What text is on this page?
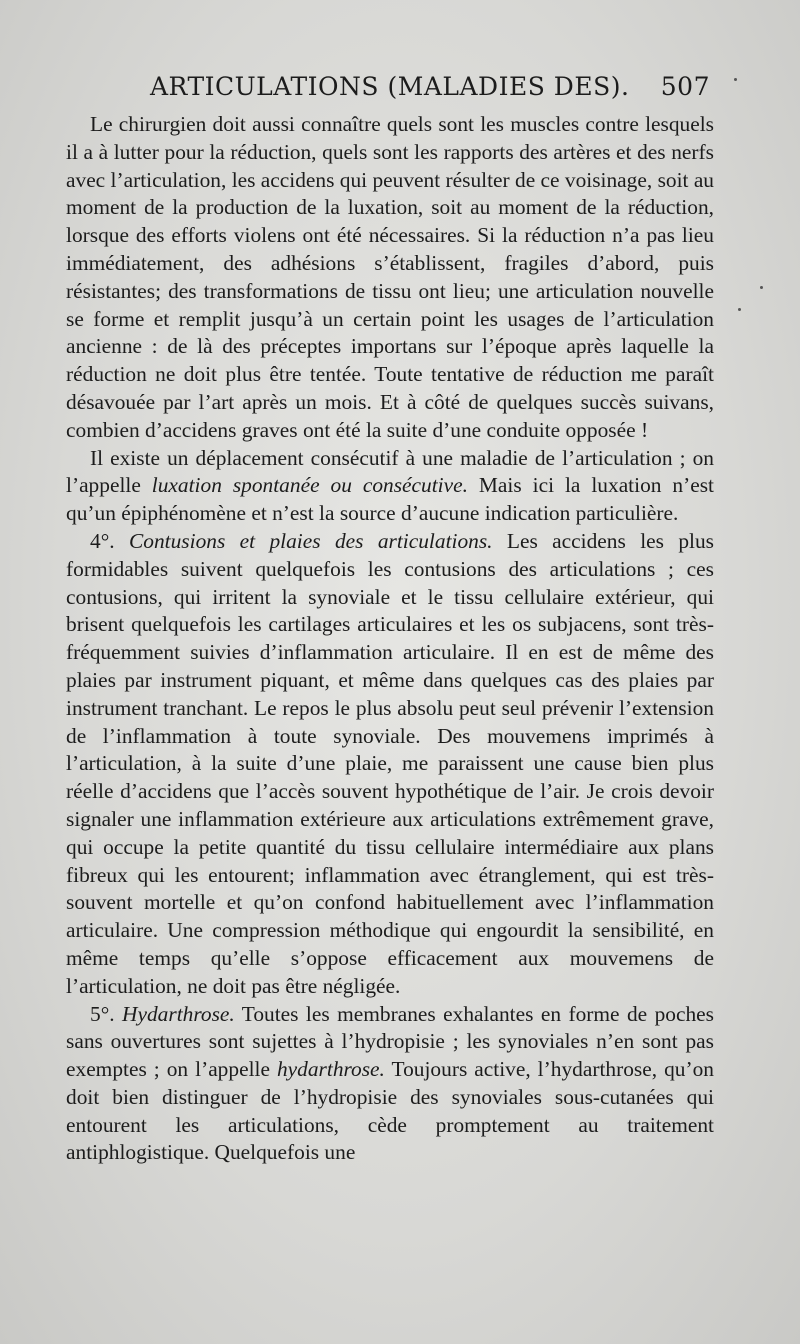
ARTICULATIONS (MALADIES DES). 507

Le chirurgien doit aussi connaître quels sont les muscles contre lesquels il a à lutter pour la réduction, quels sont les rapports des artères et des nerfs avec l’articulation, les accidens qui peuvent résulter de ce voisinage, soit au moment de la production de la luxation, soit au moment de la réduction, lorsque des efforts violens ont été nécessaires. Si la réduction n’a pas lieu immédiatement, des adhésions s’établissent, fragiles d’abord, puis résistantes; des transformations de tissu ont lieu; une articulation nouvelle se forme et remplit jusqu’à un certain point les usages de l’articulation ancienne : de là des préceptes importans sur l’époque après laquelle la réduction ne doit plus être tentée. Toute tentative de réduction me paraît désavouée par l’art après un mois. Et à côté de quelques succès suivans, combien d’accidens graves ont été la suite d’une conduite opposée !

Il existe un déplacement consécutif à une maladie de l’articulation ; on l’appelle luxation spontanée ou consécutive. Mais ici la luxation n’est qu’un épiphénomène et n’est la source d’aucune indication particulière.

4°. Contusions et plaies des articulations. Les accidens les plus formidables suivent quelquefois les contusions des articulations ; ces contusions, qui irritent la synoviale et le tissu cellulaire extérieur, qui brisent quelquefois les cartilages articulaires et les os subjacens, sont très-fréquemment suivies d’inflammation articulaire. Il en est de même des plaies par instrument piquant, et même dans quelques cas des plaies par instrument tranchant. Le repos le plus absolu peut seul prévenir l’extension de l’inflammation à toute synoviale. Des mouvemens imprimés à l’articulation, à la suite d’une plaie, me paraissent une cause bien plus réelle d’accidens que l’accès souvent hypothétique de l’air. Je crois devoir signaler une inflammation extérieure aux articulations extrêmement grave, qui occupe la petite quantité du tissu cellulaire intermédiaire aux plans fibreux qui les entourent; inflammation avec étranglement, qui est très-souvent mortelle et qu’on confond habituellement avec l’inflammation articulaire. Une compression méthodique qui engourdit la sensibilité, en même temps qu’elle s’oppose efficacement aux mouvemens de l’articulation, ne doit pas être négligée.

5°. Hydarthrose. Toutes les membranes exhalantes en forme de poches sans ouvertures sont sujettes à l’hydropisie ; les synoviales n’en sont pas exemptes ; on l’appelle hydarthrose. Toujours active, l’hydarthrose, qu’on doit bien distinguer de l’hydropisie des synoviales sous-cutanées qui entourent les articulations, cède promptement au traitement antiphlogistique. Quelquefois une
